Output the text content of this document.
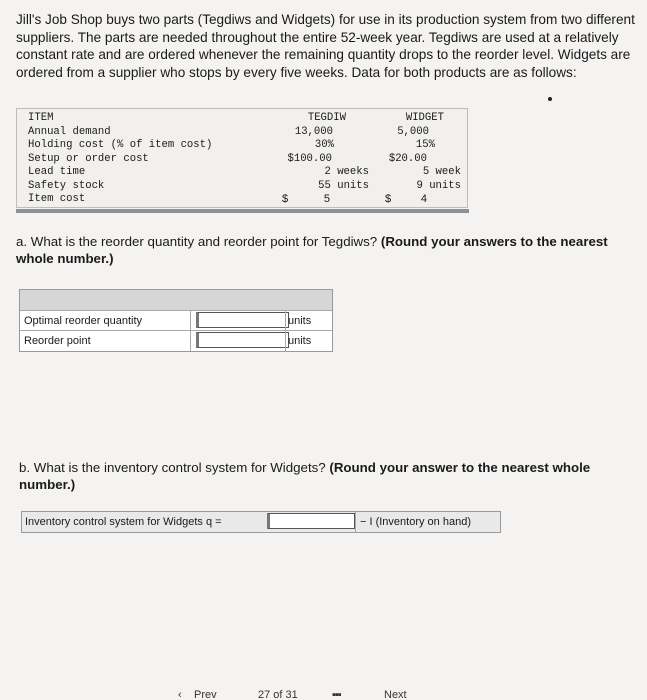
Jill's Job Shop buys two parts (Tegdiws and Widgets) for use in its production system from two different suppliers. The parts are needed throughout the entire 52-week year. Tegdiws are used at a relatively constant rate and are ordered whenever the remaining quantity drops to the reorder level. Widgets are ordered from a supplier who stops by every five weeks. Data for both products are as follows:

ITEM	TEGDIW	WIDGET
Annual demand	13,000	5,000
Holding cost (% of item cost)	30%	15%
Setup or order cost	$100.00	$20.00
Lead time	2 weeks	5 week
Safety stock	55 units	9 units
Item cost	$	5	$	4

a. What is the reorder quantity and reorder point for Tegdiws? (Round your answers to the nearest whole number.)

Optimal reorder quantity	units
Reorder point	units

b. What is the inventory control system for Widgets? (Round your answer to the nearest whole number.)

Inventory control system for Widgets q =	− I (Inventory on hand)
‹ Prev	27 of 31	▪▪▪	Next
